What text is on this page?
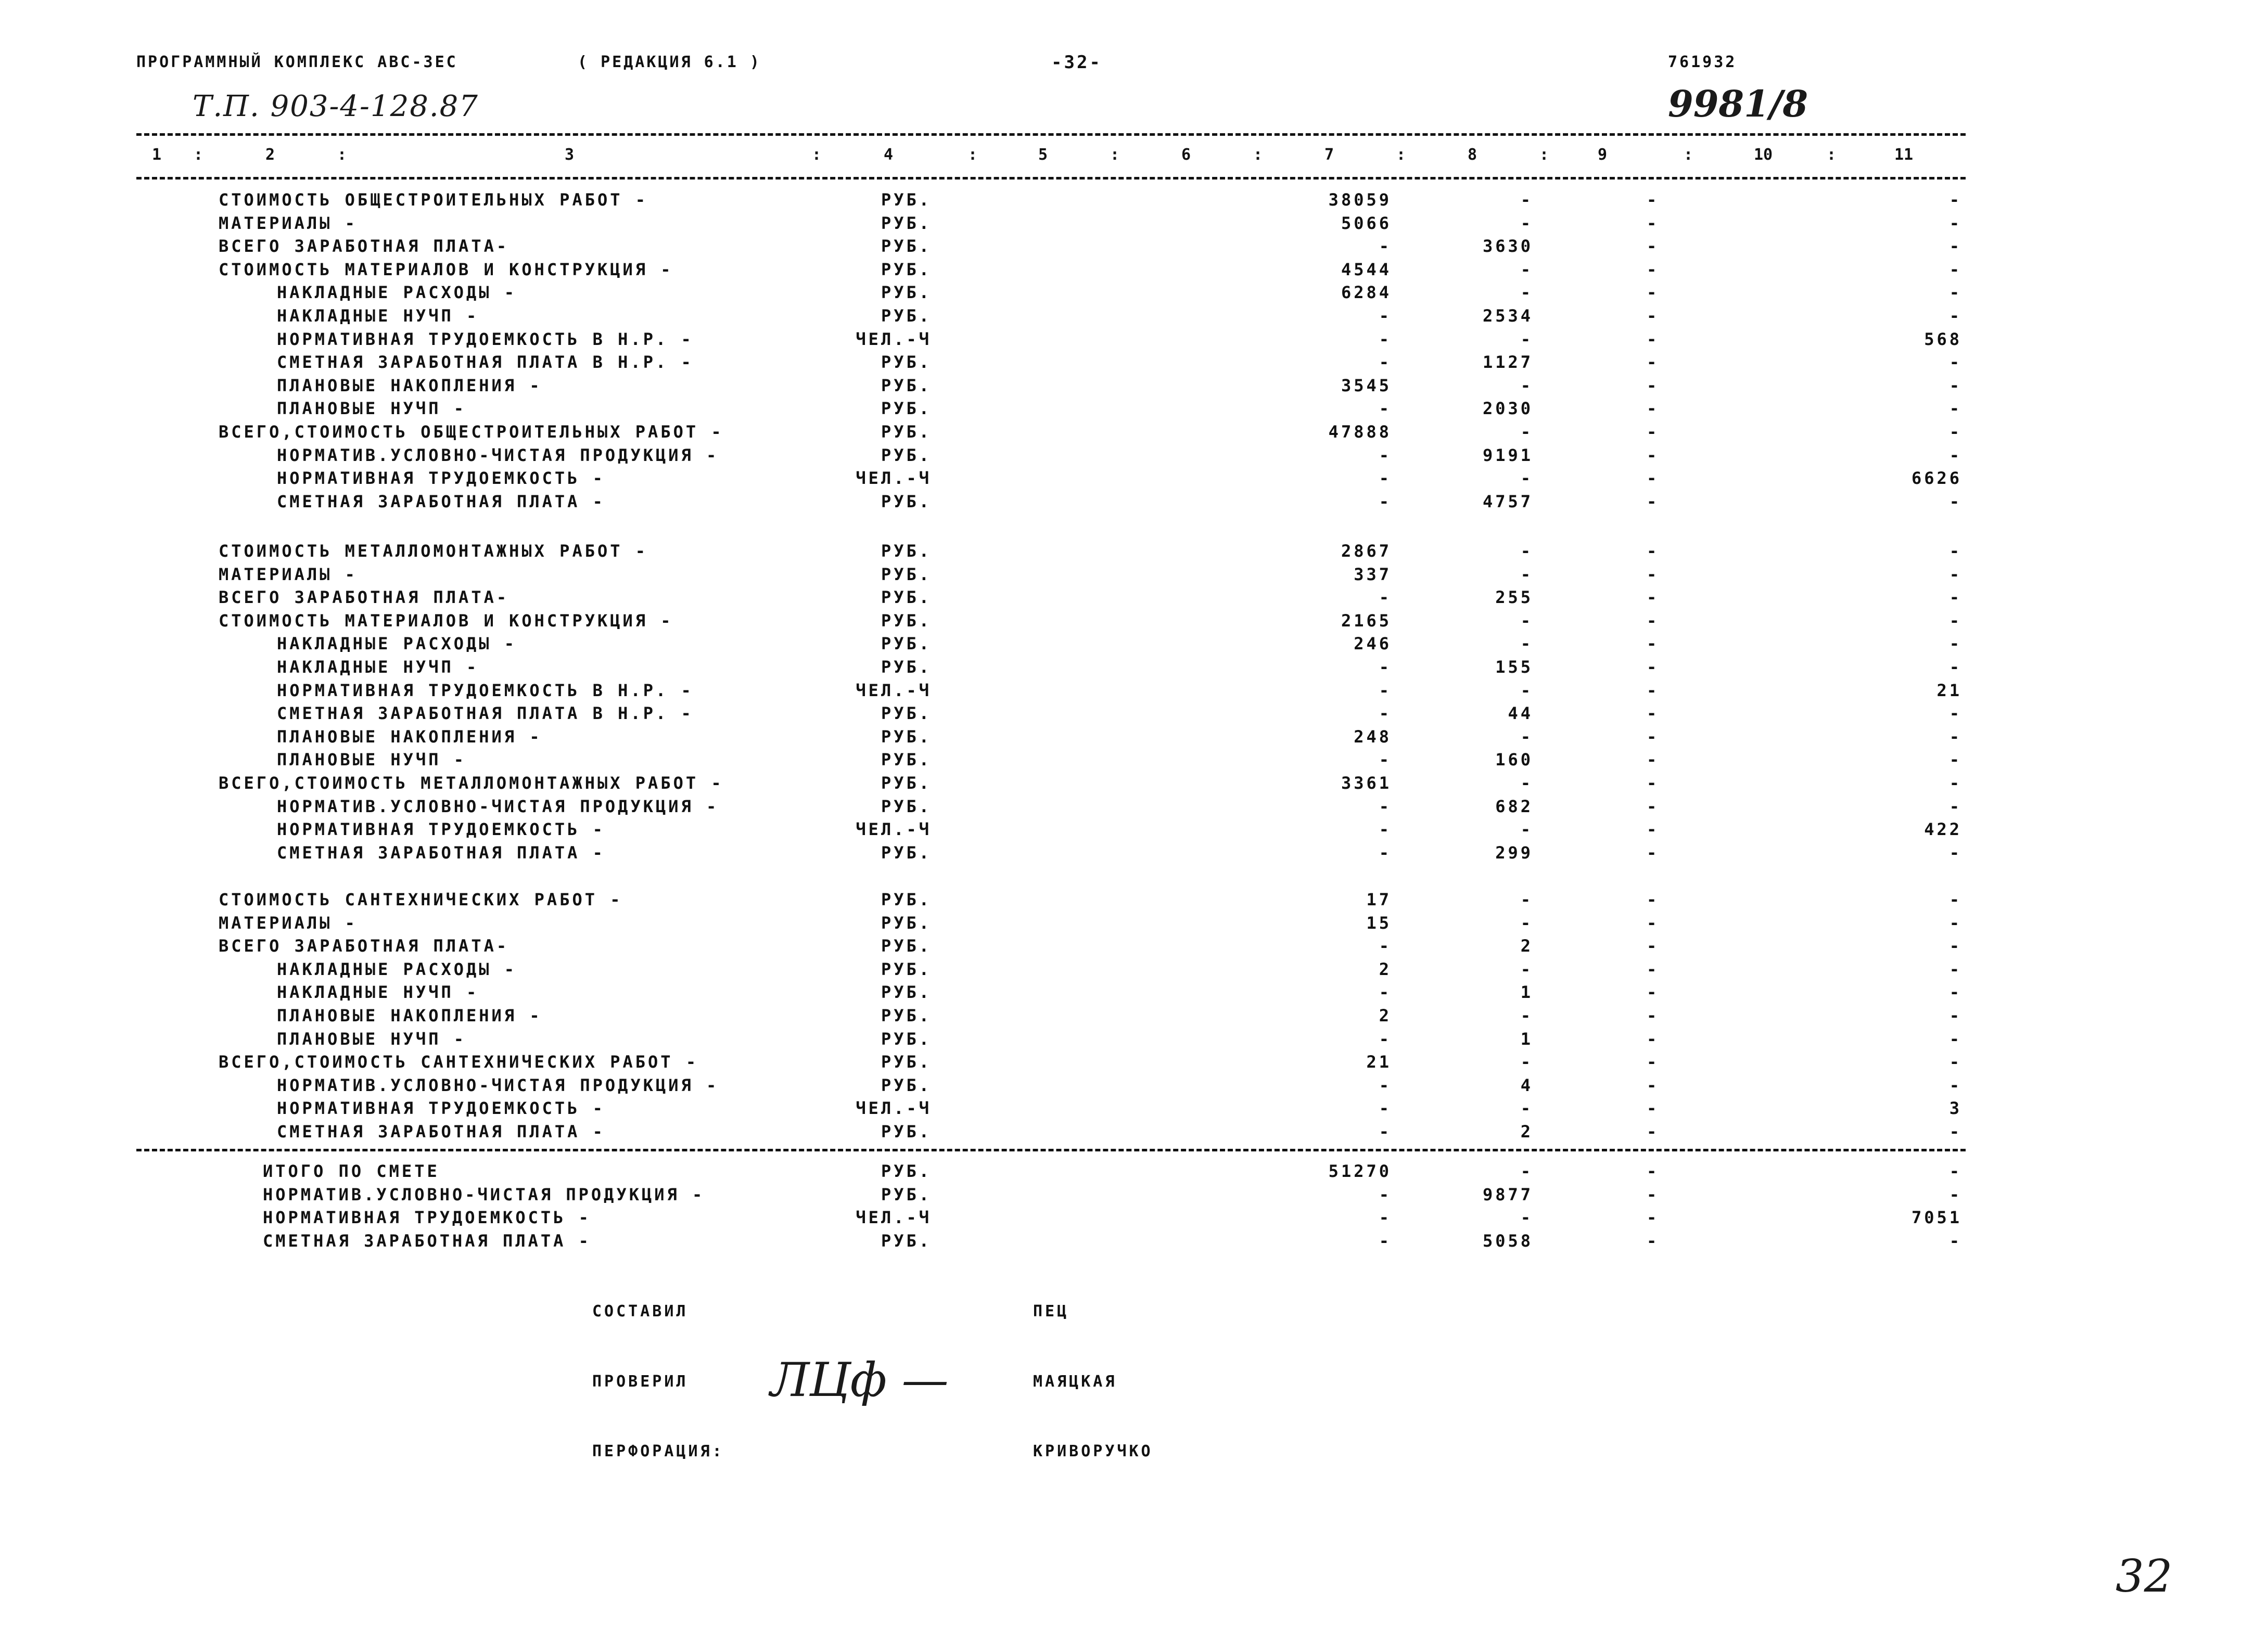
ПРОГРАММНЫЙ КОМПЛЕКС АВС-3ЕС	( РЕДАКЦИЯ 6.1 )	-32-	761932
Т.П. 903-4-128.87	9981/8
1 :	2	:	3	:	4	:	5	:	6	:	7	:	8	:	9	:	10	:	11
СТОИМОСТЬ ОБЩЕСТРОИТЕЛЬНЫХ РАБОТ -	РУБ.	38059	-	-	-
МАТЕРИАЛЫ -	РУБ.	5066	-	-	-
ВСЕГО ЗАРАБОТНАЯ ПЛАТА-	РУБ.	-	3630	-	-
СТОИМОСТЬ МАТЕРИАЛОВ И КОНСТРУКЦИЯ -	РУБ.	4544	-	-	-
НАКЛАДНЫЕ РАСХОДЫ -	РУБ.	6284	-	-	-
НАКЛАДНЫЕ НУЧП -	РУБ.	-	2534	-	-
НОРМАТИВНАЯ ТРУДОЕМКОСТЬ В Н.Р. -	ЧЕЛ.-Ч	-	-	-	568
СМЕТНАЯ ЗАРАБОТНАЯ ПЛАТА В Н.Р. -	РУБ.	-	1127	-	-
ПЛАНОВЫЕ НАКОПЛЕНИЯ -	РУБ.	3545	-	-	-
ПЛАНОВЫЕ НУЧП -	РУБ.	-	2030	-	-
ВСЕГО,СТОИМОСТЬ ОБЩЕСТРОИТЕЛЬНЫХ РАБОТ -	РУБ.	47888	-	-	-
НОРМАТИВ.УСЛОВНО-ЧИСТАЯ ПРОДУКЦИЯ -	РУБ.	-	9191	-	-
НОРМАТИВНАЯ ТРУДОЕМКОСТЬ -	ЧЕЛ.-Ч	-	-	-	6626
СМЕТНАЯ ЗАРАБОТНАЯ ПЛАТА -	РУБ.	-	4757	-	-
СТОИМОСТЬ МЕТАЛЛОМОНТАЖНЫХ РАБОТ -	РУБ.	2867	-	-	-
МАТЕРИАЛЫ -	РУБ.	337	-	-	-
ВСЕГО ЗАРАБОТНАЯ ПЛАТА-	РУБ.	-	255	-	-
СТОИМОСТЬ МАТЕРИАЛОВ И КОНСТРУКЦИЯ -	РУБ.	2165	-	-	-
НАКЛАДНЫЕ РАСХОДЫ -	РУБ.	246	-	-	-
НАКЛАДНЫЕ НУЧП -	РУБ.	-	155	-	-
НОРМАТИВНАЯ ТРУДОЕМКОСТЬ В Н.Р. -	ЧЕЛ.-Ч	-	-	-	21
СМЕТНАЯ ЗАРАБОТНАЯ ПЛАТА В Н.Р. -	РУБ.	-	44	-	-
ПЛАНОВЫЕ НАКОПЛЕНИЯ -	РУБ.	248	-	-	-
ПЛАНОВЫЕ НУЧП -	РУБ.	-	160	-	-
ВСЕГО,СТОИМОСТЬ МЕТАЛЛОМОНТАЖНЫХ РАБОТ -	РУБ.	3361	-	-	-
НОРМАТИВ.УСЛОВНО-ЧИСТАЯ ПРОДУКЦИЯ -	РУБ.	-	682	-	-
НОРМАТИВНАЯ ТРУДОЕМКОСТЬ -	ЧЕЛ.-Ч	-	-	-	422
СМЕТНАЯ ЗАРАБОТНАЯ ПЛАТА -	РУБ.	-	299	-	-
СТОИМОСТЬ САНТЕХНИЧЕСКИХ РАБОТ -	РУБ.	17	-	-	-
МАТЕРИАЛЫ -	РУБ.	15	-	-	-
ВСЕГО ЗАРАБОТНАЯ ПЛАТА-	РУБ.	-	2	-	-
НАКЛАДНЫЕ РАСХОДЫ -	РУБ.	2	-	-	-
НАКЛАДНЫЕ НУЧП -	РУБ.	-	1	-	-
ПЛАНОВЫЕ НАКОПЛЕНИЯ -	РУБ.	2	-	-	-
ПЛАНОВЫЕ НУЧП -	РУБ.	-	1	-	-
ВСЕГО,СТОИМОСТЬ САНТЕХНИЧЕСКИХ РАБОТ -	РУБ.	21	-	-	-
НОРМАТИВ.УСЛОВНО-ЧИСТАЯ ПРОДУКЦИЯ -	РУБ.	-	4	-	-
НОРМАТИВНАЯ ТРУДОЕМКОСТЬ -	ЧЕЛ.-Ч	-	-	-	3
СМЕТНАЯ ЗАРАБОТНАЯ ПЛАТА -	РУБ.	-	2	-	-
ИТОГО ПО СМЕТЕ	РУБ.	51270	-	-	-
НОРМАТИВ.УСЛОВНО-ЧИСТАЯ ПРОДУКЦИЯ -	РУБ.	-	9877	-	-
НОРМАТИВНАЯ ТРУДОЕМКОСТЬ -	ЧЕЛ.-Ч	-	-	-	7051
СМЕТНАЯ ЗАРАБОТНАЯ ПЛАТА -	РУБ.	-	5058	-	-
СОСТАВИЛ	ПЕЦ
ПРОВЕРИЛ ЛЦф —	МАЯЦКАЯ
ПЕРФОРАЦИЯ:	КРИВОРУЧКО
32
